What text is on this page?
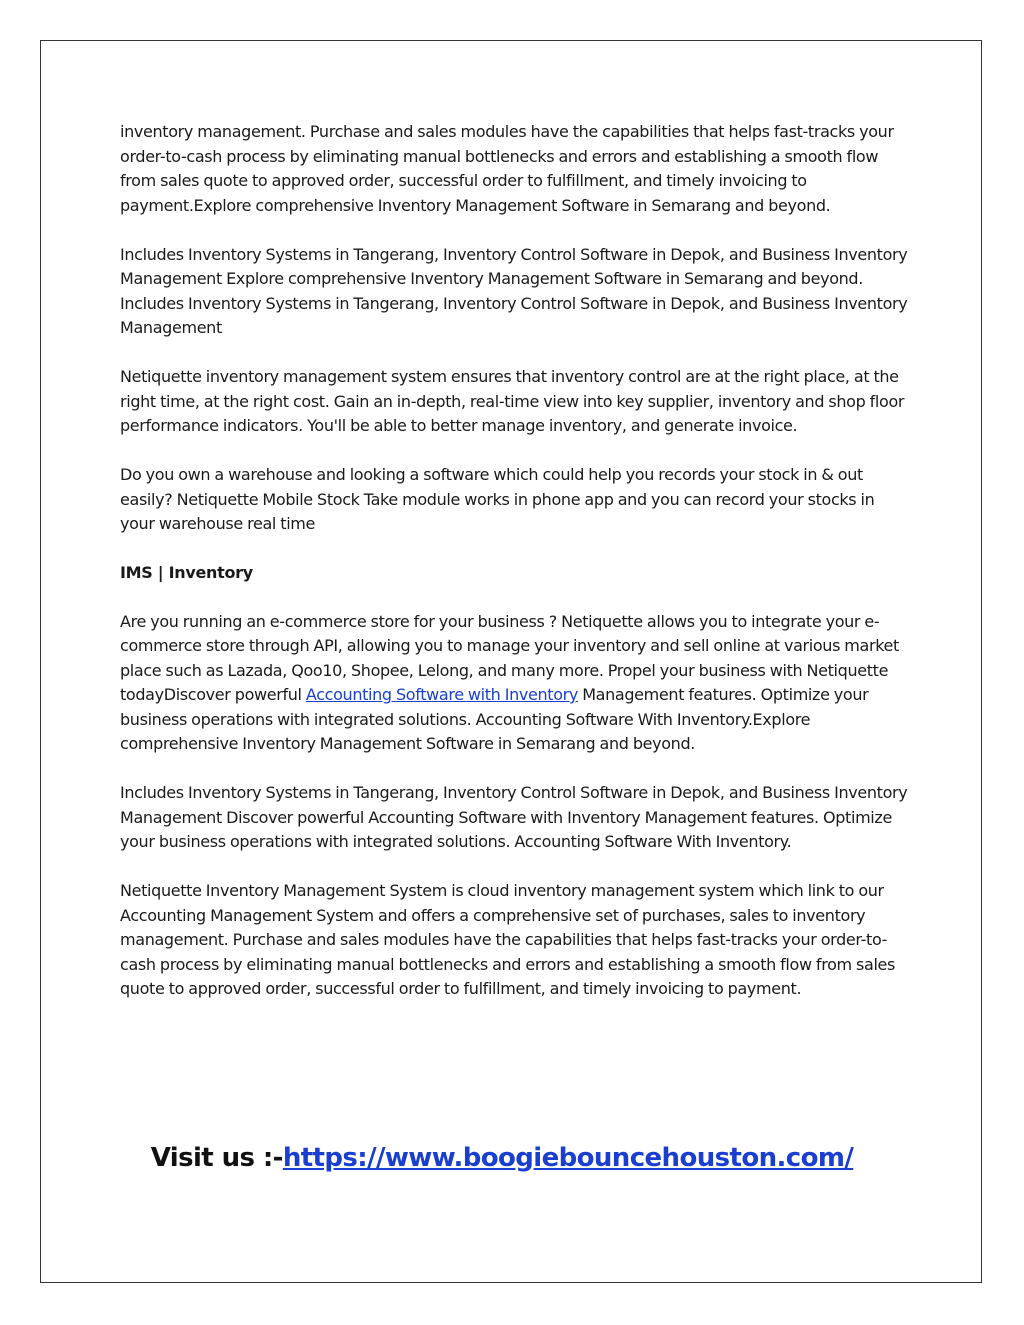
inventory management. Purchase and sales modules have the capabilities that helps fast-tracks your order-to-cash process by eliminating manual bottlenecks and errors and establishing a smooth flow from sales quote to approved order, successful order to fulfillment, and timely invoicing to payment.Explore comprehensive Inventory Management Software in Semarang and beyond.

Includes Inventory Systems in Tangerang, Inventory Control Software in Depok, and Business Inventory Management Explore comprehensive Inventory Management Software in Semarang and beyond. Includes Inventory Systems in Tangerang, Inventory Control Software in Depok, and Business Inventory Management

Netiquette inventory management system ensures that inventory control are at the right place, at the right time, at the right cost. Gain an in-depth, real-time view into key supplier, inventory and shop floor performance indicators. You'll be able to better manage inventory, and generate invoice.

Do you own a warehouse and looking a software which could help you records your stock in & out easily? Netiquette Mobile Stock Take module works in phone app and you can record your stocks in your warehouse real time

IMS | Inventory

Are you running an e-commerce store for your business ? Netiquette allows you to integrate your e-commerce store through API, allowing you to manage your inventory and sell online at various market place such as Lazada, Qoo10, Shopee, Lelong, and many more. Propel your business with Netiquette todayDiscover powerful Accounting Software with Inventory Management features. Optimize your business operations with integrated solutions. Accounting Software With Inventory.Explore comprehensive Inventory Management Software in Semarang and beyond.

Includes Inventory Systems in Tangerang, Inventory Control Software in Depok, and Business Inventory Management Discover powerful Accounting Software with Inventory Management features. Optimize your business operations with integrated solutions. Accounting Software With Inventory.

Netiquette Inventory Management System is cloud inventory management system which link to our Accounting Management System and offers a comprehensive set of purchases, sales to inventory management. Purchase and sales modules have the capabilities that helps fast-tracks your order-to-cash process by eliminating manual bottlenecks and errors and establishing a smooth flow from sales quote to approved order, successful order to fulfillment, and timely invoicing to payment.

Visit us :-https://www.boogiebouncehouston.com/
